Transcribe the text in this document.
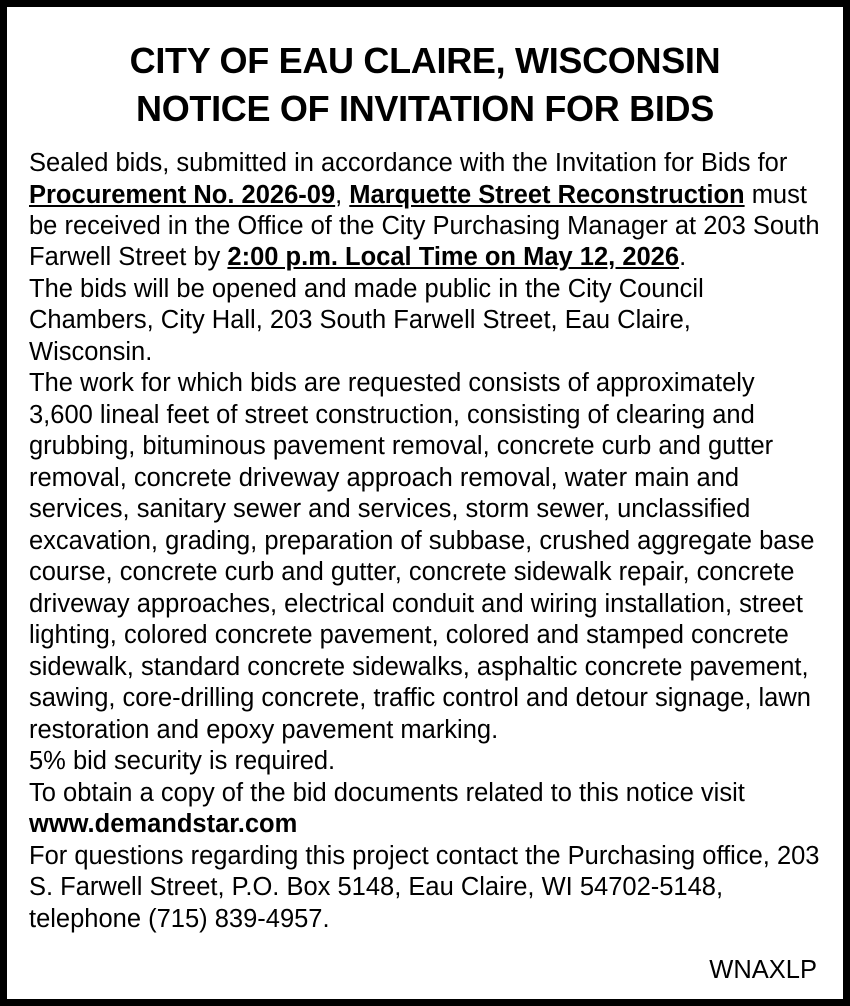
CITY OF EAU CLAIRE, WISCONSIN
NOTICE OF INVITATION FOR BIDS

Sealed bids, submitted in accordance with the Invitation for Bids for Procurement No. 2026-09, Marquette Street Reconstruction must be received in the Office of the City Purchasing Manager at 203 South Farwell Street by 2:00 p.m. Local Time on May 12, 2026.

The bids will be opened and made public in the City Council Chambers, City Hall, 203 South Farwell Street, Eau Claire, Wisconsin.

The work for which bids are requested consists of approximately 3,600 lineal feet of street construction, consisting of clearing and grubbing, bituminous pavement removal, concrete curb and gutter removal, concrete driveway approach removal, water main and services, sanitary sewer and services, storm sewer, unclassified excavation, grading, preparation of subbase, crushed aggregate base course, concrete curb and gutter, concrete sidewalk repair, concrete driveway approaches, electrical conduit and wiring installation, street lighting, colored concrete pavement, colored and stamped concrete sidewalk, standard concrete sidewalks, asphaltic concrete pavement, sawing, core-drilling concrete, traffic control and detour signage, lawn restoration and epoxy pavement marking.

5% bid security is required.

To obtain a copy of the bid documents related to this notice visit www.demandstar.com

For questions regarding this project contact the Purchasing office, 203 S. Farwell Street, P.O. Box 5148, Eau Claire, WI 54702-5148, telephone (715) 839-4957.

WNAXLP
